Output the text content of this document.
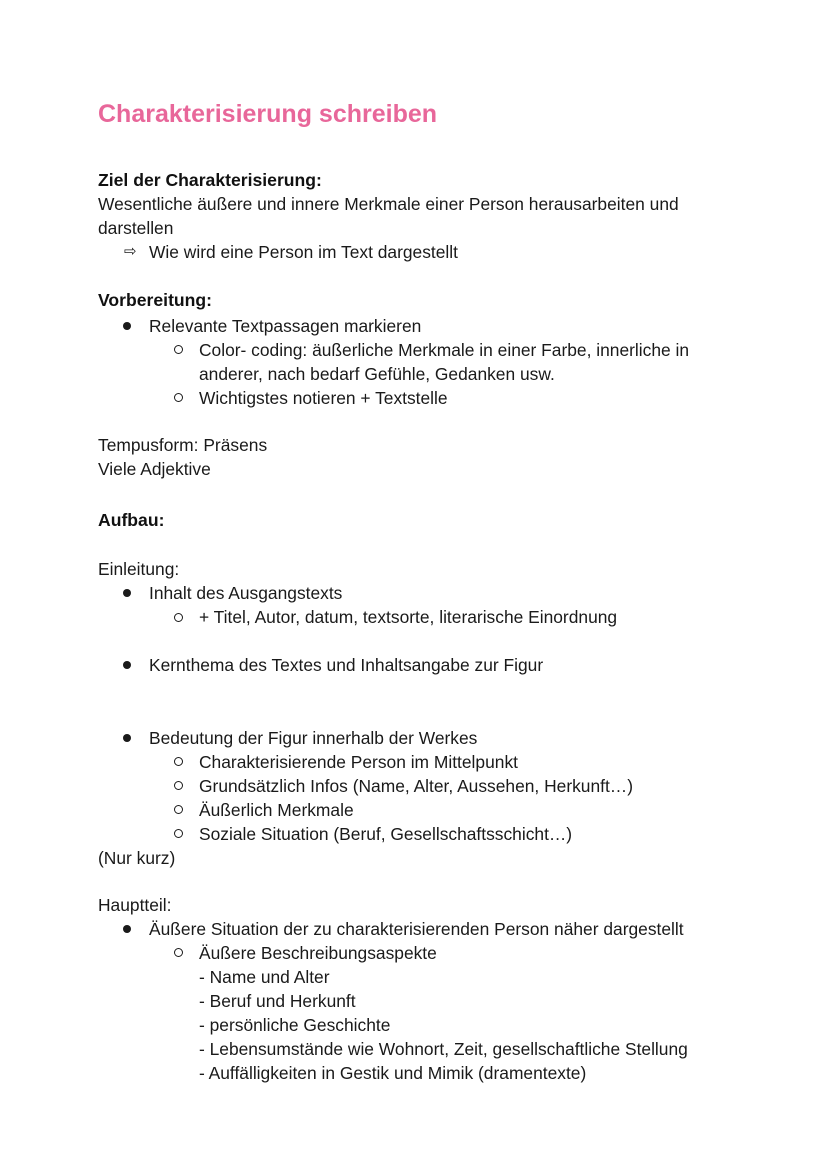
Charakterisierung schreiben
Ziel der Charakterisierung:
Wesentliche äußere und innere Merkmale einer Person herausarbeiten und
darstellen
⇨ Wie wird eine Person im Text dargestellt
Vorbereitung:
Relevante Textpassagen markieren
Color- coding: äußerliche Merkmale in einer Farbe, innerliche in
anderer, nach bedarf Gefühle, Gedanken usw.
Wichtigstes notieren + Textstelle
Tempusform: Präsens
Viele Adjektive
Aufbau:
Einleitung:
Inhalt des Ausgangstexts
+ Titel, Autor, datum, textsorte, literarische Einordnung
Kernthema des Textes und Inhaltsangabe zur Figur
Bedeutung der Figur innerhalb der Werkes
Charakterisierende Person im Mittelpunkt
Grundsätzlich Infos (Name, Alter, Aussehen, Herkunft…)
Äußerlich Merkmale
Soziale Situation (Beruf, Gesellschaftsschicht…)
(Nur kurz)
Hauptteil:
Äußere Situation der zu charakterisierenden Person näher dargestellt
Äußere Beschreibungsaspekte
- Name und Alter
- Beruf und Herkunft
- persönliche Geschichte
- Lebensumstände wie Wohnort, Zeit, gesellschaftliche Stellung
- Auffälligkeiten in Gestik und Mimik (dramentexte)
